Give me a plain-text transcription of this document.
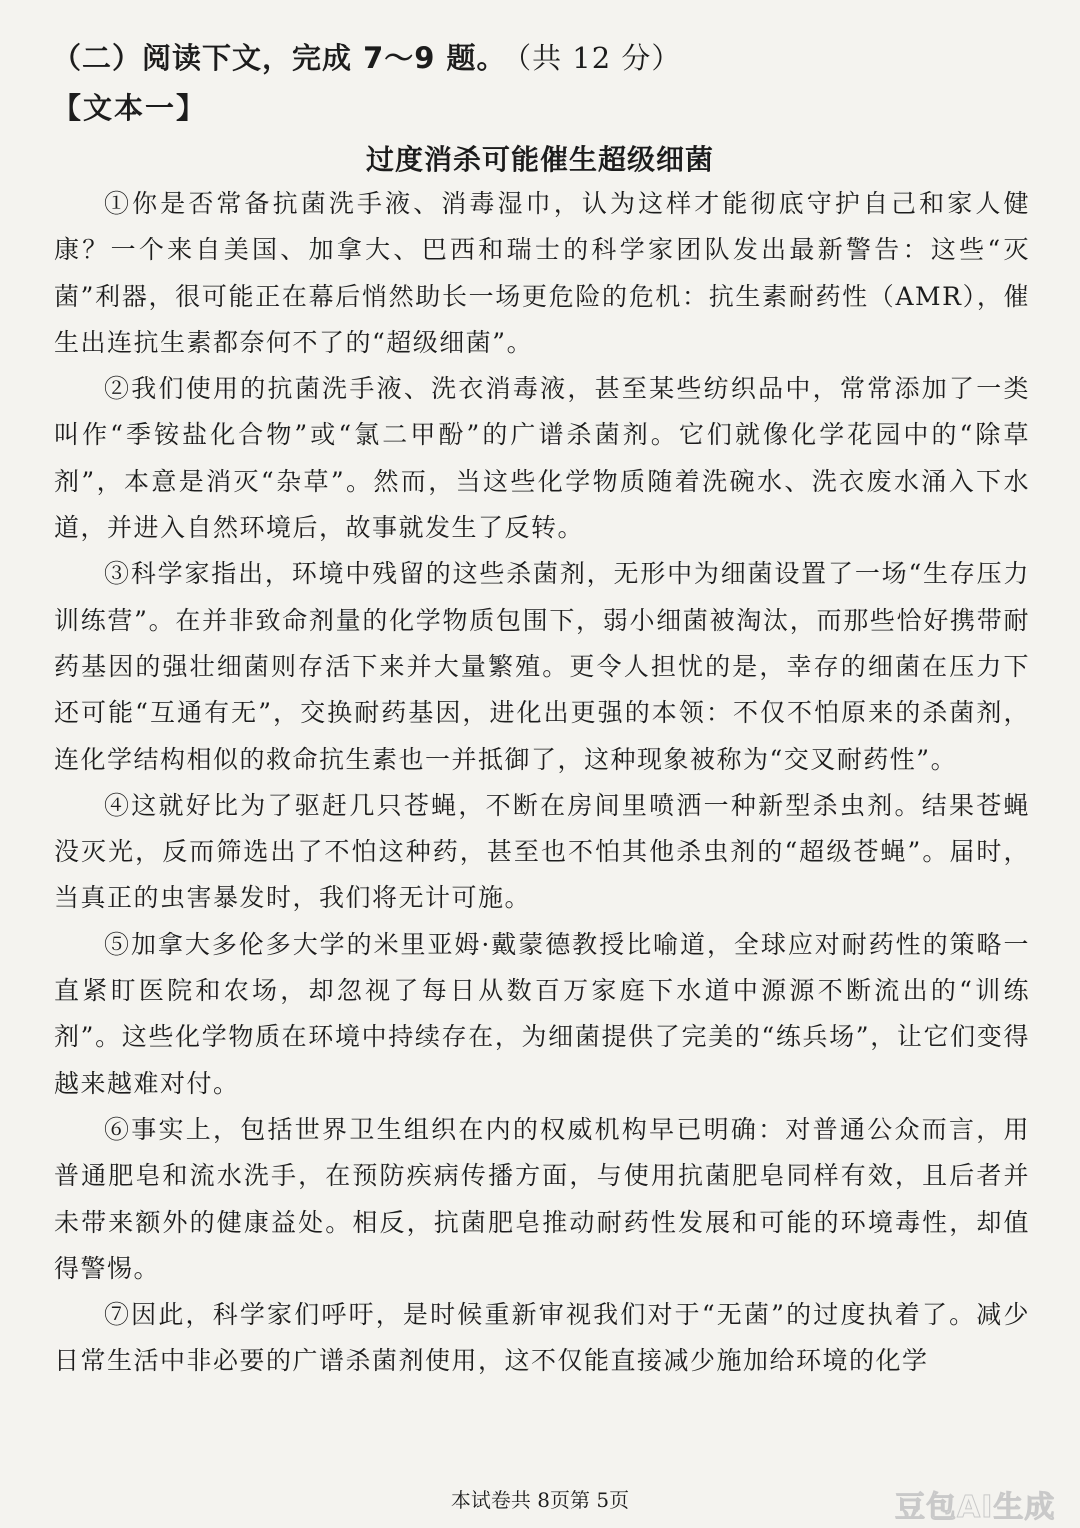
（二）阅读下文，完成 7～9 题。 （共 12 分）
【文本一】
过度消杀可能催生超级细菌

①你是否常备抗菌洗手液、消毒湿巾，认为这样才能彻底守护自己和家人健康？一个来自美国、加拿大、巴西和瑞士的科学家团队发出最新警告：这些“灭菌”利器，很可能正在幕后悄然助长一场更危险的危机：抗生素耐药性（AMR），催生出连抗生素都奈何不了的“超级细菌”。

②我们使用的抗菌洗手液、洗衣消毒液，甚至某些纺织品中，常常添加了一类叫作“季铵盐化合物”或“氯二甲酚”的广谱杀菌剂。它们就像化学花园中的“除草剂”，本意是消灭“杂草”。然而，当这些化学物质随着洗碗水、洗衣废水涌入下水道，并进入自然环境后，故事就发生了反转。

③科学家指出，环境中残留的这些杀菌剂，无形中为细菌设置了一场“生存压力训练营”。在并非致命剂量的化学物质包围下，弱小细菌被淘汰，而那些恰好携带耐药基因的强壮细菌则存活下来并大量繁殖。更令人担忧的是，幸存的细菌在压力下还可能“互通有无”，交换耐药基因，进化出更强的本领：不仅不怕原来的杀菌剂，连化学结构相似的救命抗生素也一并抵御了，这种现象被称为“交叉耐药性”。

④这就好比为了驱赶几只苍蝇，不断在房间里喷洒一种新型杀虫剂。结果苍蝇没灭光，反而筛选出了不怕这种药，甚至也不怕其他杀虫剂的“超级苍蝇”。届时，当真正的虫害暴发时，我们将无计可施。

⑤加拿大多伦多大学的米里亚姆·戴蒙德教授比喻道，全球应对耐药性的策略一直紧盯医院和农场，却忽视了每日从数百万家庭下水道中源源不断流出的“训练剂”。这些化学物质在环境中持续存在，为细菌提供了完美的“练兵场”，让它们变得越来越难对付。

⑥事实上，包括世界卫生组织在内的权威机构早已明确：对普通公众而言，用普通肥皂和流水洗手，在预防疾病传播方面，与使用抗菌肥皂同样有效，且后者并未带来额外的健康益处。相反，抗菌肥皂推动耐药性发展和可能的环境毒性，却值得警惕。

⑦因此，科学家们呼吁，是时候重新审视我们对于“无菌”的过度执着了。减少日常生活中非必要的广谱杀菌剂使用，这不仅能直接减少施加给环境的化学

本试卷共 8页第 5页	豆包AI生成
